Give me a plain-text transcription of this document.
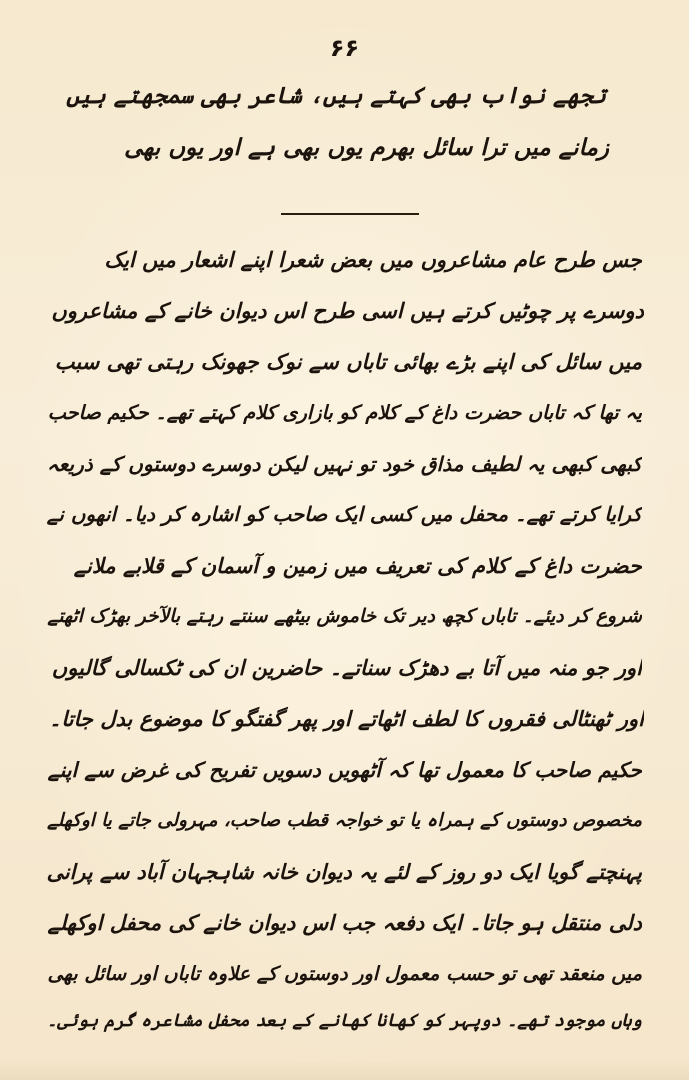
۶۶
تجھے نواب بھی کہتے ہیں، شاعر بھی سمجھتے ہیں
زمانے میں ترا سائل بھرم یوں بھی ہے اور یوں بھی
جس طرح عام مشاعروں میں بعض شعرا اپنے اشعار میں ایک
دوسرے پر چوٹیں کرتے ہیں اسی طرح اس دیوان خانے کے مشاعروں
میں سائل کی اپنے بڑے بھائی تاباں سے نوک جھونک رہتی تھی سبب
یہ تھا کہ تاباں حضرت داغ کے کلام کو بازاری کلام کہتے تھے۔ حکیم صاحب
کبھی کبھی یہ لطیف مذاق خود تو نہیں لیکن دوسرے دوستوں کے ذریعہ
کرایا کرتے تھے۔ محفل میں کسی ایک صاحب کو اشارہ کر دیا۔ انھوں نے
حضرت داغ کے کلام کی تعریف میں زمین و آسمان کے قلابے ملانے
شروع کر دیئے۔ تاباں کچھ دیر تک خاموش بیٹھے سنتے رہتے بالآخر بھڑک اٹھتے
اور جو منہ میں آتا بے دھڑک سناتے۔ حاضرین ان کی ٹکسالی گالیوں
اور ٹھنٹالی فقروں کا لطف اٹھاتے اور پھر گفتگو کا موضوع بدل جاتا۔
حکیم صاحب کا معمول تھا کہ آٹھویں دسویں تفریح کی غرض سے اپنے
مخصوص دوستوں کے ہمراہ یا تو خواجہ قطب صاحب، مہرولی جاتے یا اوکھلے
پہنچتے گویا ایک دو روز کے لئے یہ دیوان خانہ شاہجہان آباد سے پرانی
دلی منتقل ہو جاتا۔ ایک دفعہ جب اس دیوان خانے کی محفل اوکھلے
میں منعقد تھی تو حسب معمول اور دوستوں کے علاوہ تاباں اور سائل بھی
وہاں موجود تھے۔ دوپہر کو کھانا کھانے کے بعد محفل مشاعرہ گرم ہوئی۔
